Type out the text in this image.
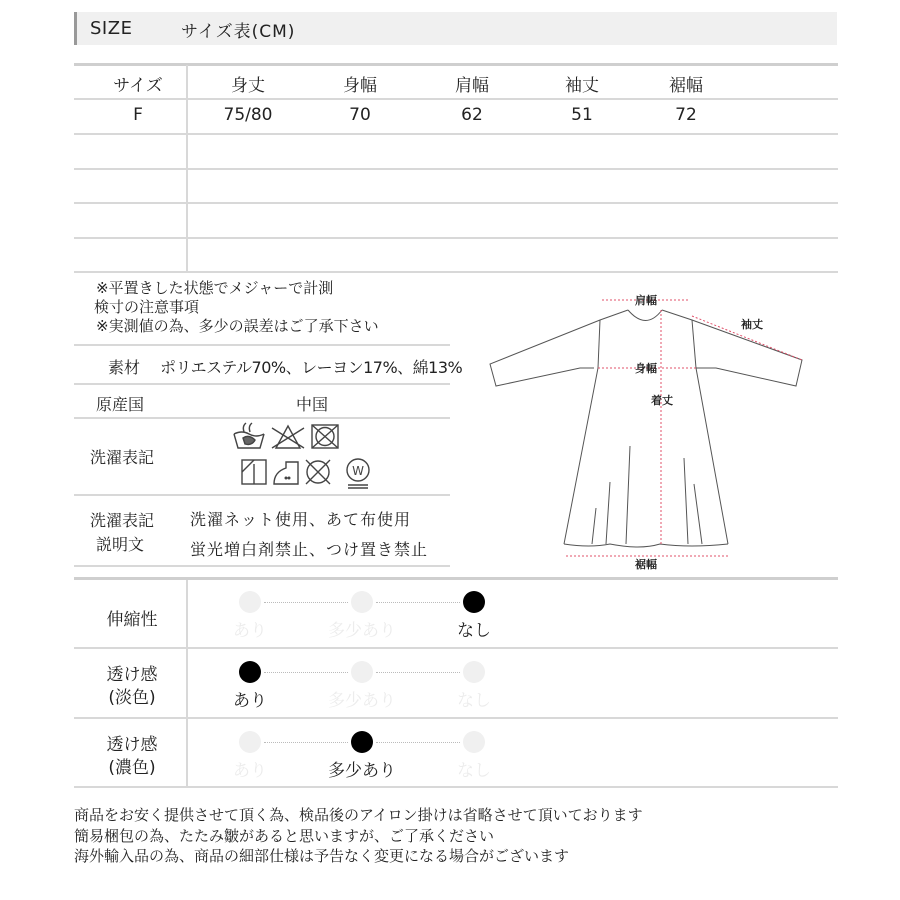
SIZE	サイズ表(CM)
サイズ	身丈	身幅	肩幅	袖丈	裾幅
F	75/80	70	62	51	72
※平置きした状態でメジャーで計測
検寸の注意事項
※実測値の為、多少の誤差はご了承下さい
素材 ポリエステル70%、レーヨン17%、綿13%
原産国	中国
洗濯表記
W
洗濯表記
説明文
洗濯ネット使用、あて布使用
蛍光増白剤禁止、つけ置き禁止
肩幅
袖丈
身幅
着丈
裾幅
伸縮性
あり	多少あり	なし
透け感
(淡色)	あり	多少あり	なし
透け感
(濃色)	あり	多少あり	なし
商品をお安く提供させて頂く為、検品後のアイロン掛けは省略させて頂いております
簡易梱包の為、たたみ皺があると思いますが、ご了承ください
海外輸入品の為、商品の細部仕様は予告なく変更になる場合がございます
